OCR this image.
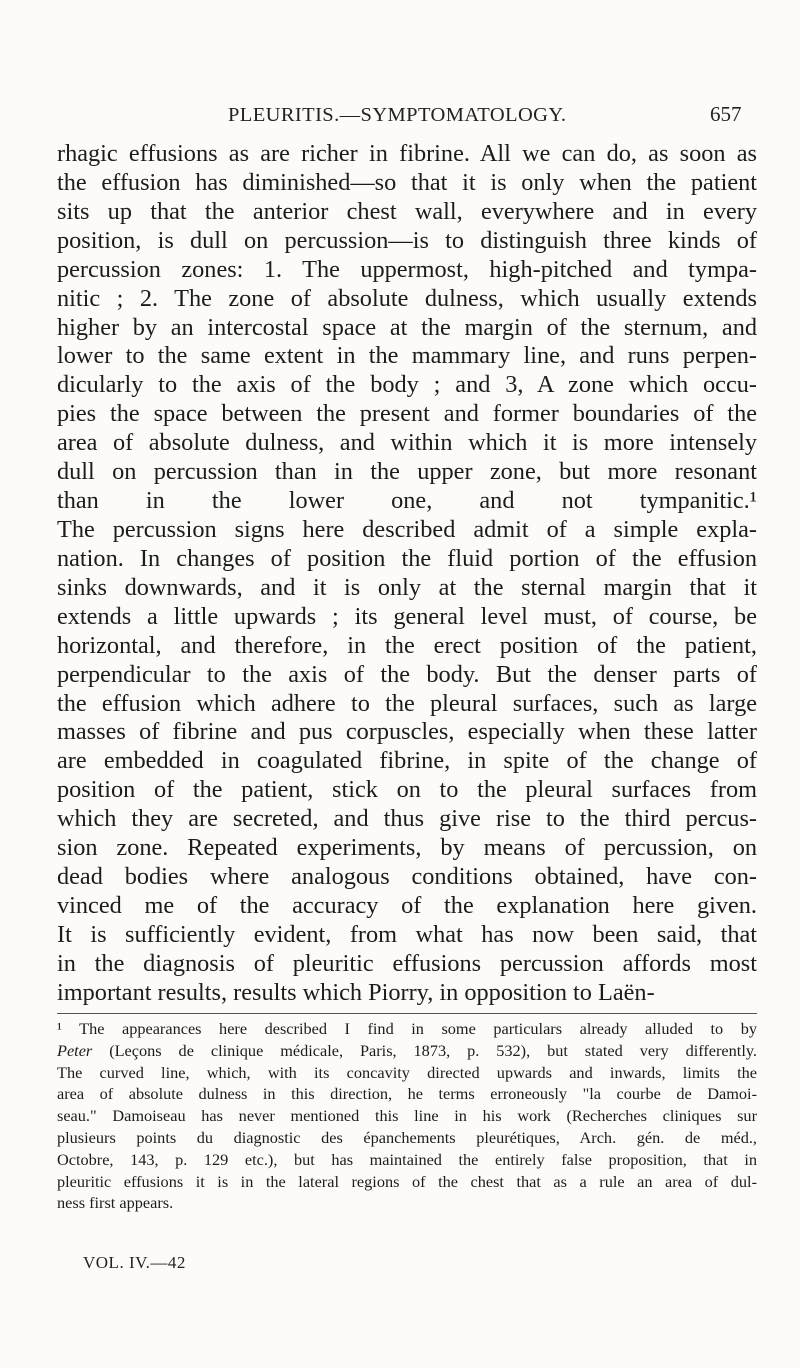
PLEURITIS.—SYMPTOMATOLOGY.	657
rhagic effusions as are richer in fibrine. All we can do, as soon as
the effusion has diminished—so that it is only when the patient
sits up that the anterior chest wall, everywhere and in every
position, is dull on percussion—is to distinguish three kinds of
percussion zones: 1. The uppermost, high-pitched and tympa-
nitic ; 2. The zone of absolute dulness, which usually extends
higher by an intercostal space at the margin of the sternum, and
lower to the same extent in the mammary line, and runs perpen-
dicularly to the axis of the body ; and 3, A zone which occu-
pies the space between the present and former boundaries of the
area of absolute dulness, and within which it is more intensely
dull on percussion than in the upper zone, but more resonant
than in the lower one, and not tympanitic.¹
The percussion signs here described admit of a simple expla-
nation. In changes of position the fluid portion of the effusion
sinks downwards, and it is only at the sternal margin that it
extends a little upwards ; its general level must, of course, be
horizontal, and therefore, in the erect position of the patient,
perpendicular to the axis of the body. But the denser parts of
the effusion which adhere to the pleural surfaces, such as large
masses of fibrine and pus corpuscles, especially when these latter
are embedded in coagulated fibrine, in spite of the change of
position of the patient, stick on to the pleural surfaces from
which they are secreted, and thus give rise to the third percus-
sion zone. Repeated experiments, by means of percussion, on
dead bodies where analogous conditions obtained, have con-
vinced me of the accuracy of the explanation here given.
It is sufficiently evident, from what has now been said, that
in the diagnosis of pleuritic effusions percussion affords most
important results, results which Piorry, in opposition to Laën-
¹ The appearances here described I find in some particulars already alluded to by
Peter (Leçons de clinique médicale, Paris, 1873, p. 532), but stated very differently.
The curved line, which, with its concavity directed upwards and inwards, limits the
area of absolute dulness in this direction, he terms erroneously "la courbe de Damoi-
seau." Damoiseau has never mentioned this line in his work (Recherches cliniques sur
plusieurs points du diagnostic des épanchements pleurétiques, Arch. gén. de méd.,
Octobre, 143, p. 129 etc.), but has maintained the entirely false proposition, that in
pleuritic effusions it is in the lateral regions of the chest that as a rule an area of dul-
ness first appears.
VOL. IV.—42
